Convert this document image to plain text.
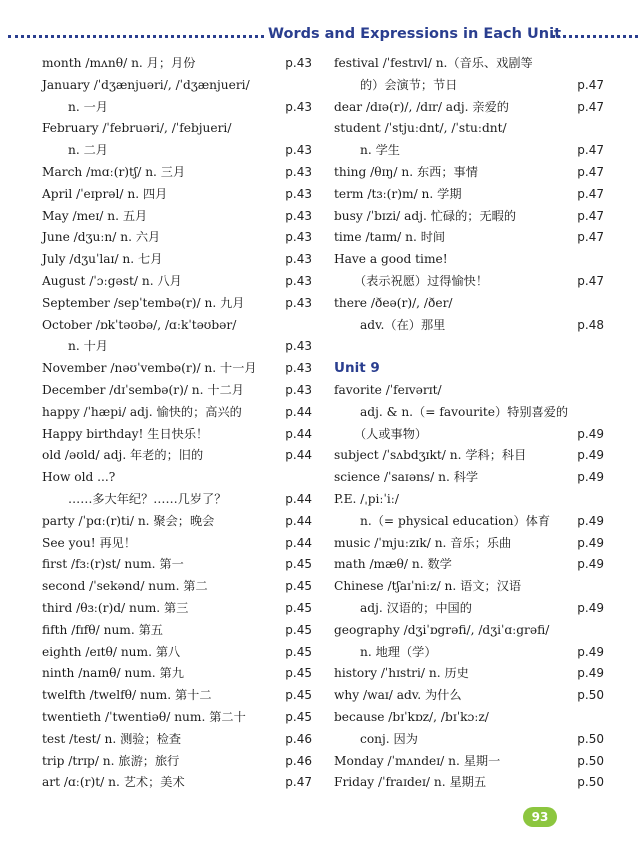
Words and Expressions in Each Unit
month /mʌnθ/ n. 月；月份	p.43
January /ˈdʒænjuəri/, /ˈdʒænjueri/
n. 一月	p.43
February /ˈfebruəri/, /ˈfebjueri/
n. 二月	p.43
March /mɑː(r)tʃ/ n. 三月	p.43
April /ˈeɪprəl/ n. 四月	p.43
May /meɪ/ n. 五月	p.43
June /dʒuːn/ n. 六月	p.43
July /dʒuˈlaɪ/ n. 七月	p.43
August /ˈɔːgəst/ n. 八月	p.43
September /sepˈtembə(r)/ n. 九月	p.43
October /ɒkˈtəʊbə/, /ɑːkˈtəʊbər/
n. 十月	p.43
November /nəʊˈvembə(r)/ n. 十一月 p.43
December /dɪˈsembə(r)/ n. 十二月	p.43
happy /ˈhæpi/ adj. 愉快的；高兴的	p.44
Happy birthday! 生日快乐！	p.44
old /əʊld/ adj. 年老的；旧的	p.44
How old ...?
……多大年纪？……几岁了？	p.44
party /ˈpɑː(r)ti/ n. 聚会；晚会	p.44
See you! 再见！	p.44
first /fɜː(r)st/ num. 第一	p.45
second /ˈsekənd/ num. 第二	p.45
third /θɜː(r)d/ num. 第三	p.45
fifth /fɪfθ/ num. 第五	p.45
eighth /eɪtθ/ num. 第八	p.45
ninth /naɪnθ/ num. 第九	p.45
twelfth /twelfθ/ num. 第十二	p.45
twentieth /ˈtwentiəθ/ num. 第二十	p.45
test /test/ n. 测验；检查	p.46
trip /trɪp/ n. 旅游；旅行	p.46
art /ɑː(r)t/ n. 艺术；美术	p.47
festival /ˈfestɪvl/ n.（音乐、戏剧等
的）会演节；节日	p.47
dear /dɪə(r)/, /dɪr/ adj. 亲爱的	p.47
student /ˈstjuːdnt/, /ˈstuːdnt/
n. 学生	p.47
thing /θɪŋ/ n. 东西；事情	p.47
term /tɜː(r)m/ n. 学期	p.47
busy /ˈbɪzi/ adj. 忙碌的；无暇的	p.47
time /taɪm/ n. 时间	p.47
Have a good time!
（表示祝愿）过得愉快！	p.47
there /ðeə(r)/, /ðer/
adv.（在）那里	p.48
Unit 9
favorite /ˈfeɪvərɪt/
adj. & n.（= favourite）特别喜爱的
（人或事物）	p.49
subject /ˈsʌbdʒɪkt/ n. 学科；科目	p.49
science /ˈsaɪəns/ n. 科学	p.49
P.E. /ˌpiːˈiː/
n.（= physical education）体育 p.49
music /ˈmjuːzɪk/ n. 音乐；乐曲	p.49
math /mæθ/ n. 数学	p.49
Chinese /tʃaɪˈniːz/ n. 语文；汉语
adj. 汉语的；中国的	p.49
geography /dʒiˈɒgrəfi/, /dʒiˈɑːgrəfi/
n. 地理（学）	p.49
history /ˈhɪstri/ n. 历史	p.49
why /waɪ/ adv. 为什么	p.50
because /bɪˈkɒz/, /bɪˈkɔːz/
conj. 因为	p.50
Monday /ˈmʌndeɪ/ n. 星期一	p.50
Friday /ˈfraɪdeɪ/ n. 星期五	p.50
93
